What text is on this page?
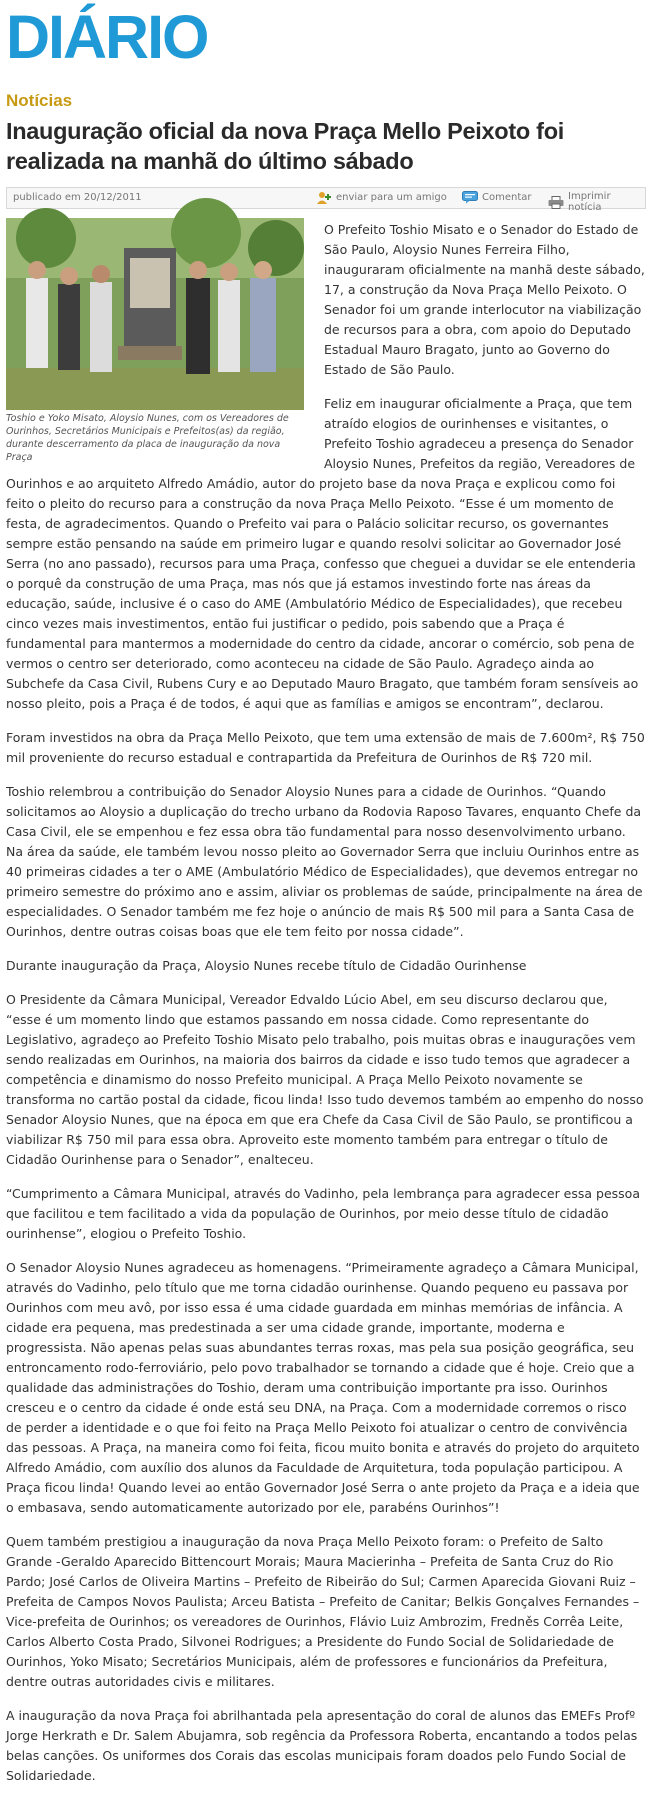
DIÁRIO
Notícias
Inauguração oficial da nova Praça Mello Peixoto foi realizada na manhã do último sábado
publicado em 20/12/2011	enviar para um amigo	Comentar	Imprimir notícia

O Prefeito Toshio Misato e o Senador do Estado de São Paulo, Aloysio Nunes Ferreira Filho, inauguraram oficialmente na manhã deste sábado, 17, a construção da Nova Praça Mello Peixoto. O Senador foi um grande interlocutor na viabilização de recursos para a obra, com apoio do Deputado Estadual Mauro Bragato, junto ao Governo do Estado de São Paulo.

Feliz em inaugurar oficialmente a Praça, que tem atraído elogios de ourinhenses e visitantes, o Prefeito Toshio agradeceu a presença do Senador Aloysio Nunes, Prefeitos da região, Vereadores de Ourinhos e ao arquiteto Alfredo Amádio, autor do projeto base da nova Praça e explicou como foi feito o pleito do recurso para a construção da nova Praça Mello Peixoto. “Esse é um momento de festa, de agradecimentos. Quando o Prefeito vai para o Palácio solicitar recurso, os governantes sempre estão pensando na saúde em primeiro lugar e quando resolvi solicitar ao Governador José Serra (no ano passado), recursos para uma Praça, confesso que cheguei a duvidar se ele entenderia o porquê da construção de uma Praça, mas nós que já estamos investindo forte nas áreas da educação, saúde, inclusive é o caso do AME (Ambulatório Médico de Especialidades), que recebeu cinco vezes mais investimentos, então fui justificar o pedido, pois sabendo que a Praça é fundamental para mantermos a modernidade do centro da cidade, ancorar o comércio, sob pena de vermos o centro ser deteriorado, como aconteceu na cidade de São Paulo. Agradeço ainda ao Subchefe da Casa Civil, Rubens Cury e ao Deputado Mauro Bragato, que também foram sensíveis ao nosso pleito, pois a Praça é de todos, é aqui que as famílias e amigos se encontram”, declarou.

Foram investidos na obra da Praça Mello Peixoto, que tem uma extensão de mais de 7.600m², R$ 750 mil proveniente do recurso estadual e contrapartida da Prefeitura de Ourinhos de R$ 720 mil.

Toshio relembrou a contribuição do Senador Aloysio Nunes para a cidade de Ourinhos. “Quando solicitamos ao Aloysio a duplicação do trecho urbano da Rodovia Raposo Tavares, enquanto Chefe da Casa Civil, ele se empenhou e fez essa obra tão fundamental para nosso desenvolvimento urbano. Na área da saúde, ele também levou nosso pleito ao Governador Serra que incluiu Ourinhos entre as 40 primeiras cidades a ter o AME (Ambulatório Médico de Especialidades), que devemos entregar no primeiro semestre do próximo ano e assim, aliviar os problemas de saúde, principalmente na área de especialidades. O Senador também me fez hoje o anúncio de mais R$ 500 mil para a Santa Casa de Ourinhos, dentre outras coisas boas que ele tem feito por nossa cidade”.

Durante inauguração da Praça, Aloysio Nunes recebe título de Cidadão Ourinhense

O Presidente da Câmara Municipal, Vereador Edvaldo Lúcio Abel, em seu discurso declarou que, “esse é um momento lindo que estamos passando em nossa cidade. Como representante do Legislativo, agradeço ao Prefeito Toshio Misato pelo trabalho, pois muitas obras e inaugurações vem sendo realizadas em Ourinhos, na maioria dos bairros da cidade e isso tudo temos que agradecer a competência e dinamismo do nosso Prefeito municipal. A Praça Mello Peixoto novamente se transforma no cartão postal da cidade, ficou linda! Isso tudo devemos também ao empenho do nosso Senador Aloysio Nunes, que na época em que era Chefe da Casa Civil de São Paulo, se prontificou a viabilizar R$ 750 mil para essa obra. Aproveito este momento também para entregar o título de Cidadão Ourinhense para o Senador”, enalteceu.

“Cumprimento a Câmara Municipal, através do Vadinho, pela lembrança para agradecer essa pessoa que facilitou e tem facilitado a vida da população de Ourinhos, por meio desse título de cidadão ourinhense”, elogiou o Prefeito Toshio.

O Senador Aloysio Nunes agradeceu as homenagens. “Primeiramente agradeço a Câmara Municipal, através do Vadinho, pelo título que me torna cidadão ourinhense. Quando pequeno eu passava por Ourinhos com meu avô, por isso essa é uma cidade guardada em minhas memórias de infância. A cidade era pequena, mas predestinada a ser uma cidade grande, importante, moderna e progressista. Não apenas pelas suas abundantes terras roxas, mas pela sua posição geográfica, seu entroncamento rodo-ferroviário, pelo povo trabalhador se tornando a cidade que é hoje. Creio que a qualidade das administrações do Toshio, deram uma contribuição importante pra isso. Ourinhos cresceu e o centro da cidade é onde está seu DNA, na Praça. Com a modernidade corremos o risco de perder a identidade e o que foi feito na Praça Mello Peixoto foi atualizar o centro de convivência das pessoas. A Praça, na maneira como foi feita, ficou muito bonita e através do projeto do arquiteto Alfredo Amádio, com auxílio dos alunos da Faculdade de Arquitetura, toda população participou. A Praça ficou linda! Quando levei ao então Governador José Serra o ante projeto da Praça e a ideia que o embasava, sendo automaticamente autorizado por ele, parabéns Ourinhos”!

Quem também prestigiou a inauguração da nova Praça Mello Peixoto foram: o Prefeito de Salto Grande -Geraldo Aparecido Bittencourt Morais; Maura Macierinha – Prefeita de Santa Cruz do Rio Pardo; José Carlos de Oliveira Martins – Prefeito de Ribeirão do Sul; Carmen Aparecida Giovani Ruiz – Prefeita de Campos Novos Paulista; Arceu Batista – Prefeito de Canitar; Belkis Gonçalves Fernandes – Vice-prefeita de Ourinhos; os vereadores de Ourinhos, Flávio Luiz Ambrozim, Fredněs Corrêa Leite, Carlos Alberto Costa Prado, Silvonei Rodrigues; a Presidente do Fundo Social de Solidariedade de Ourinhos, Yoko Misato; Secretários Municipais, além de professores e funcionários da Prefeitura, dentre outras autoridades civis e militares.

A inauguração da nova Praça foi abrilhantada pela apresentação do coral de alunos das EMEFs Profº Jorge Herkrath e Dr. Salem Abujamra, sob regência da Professora Roberta, encantando a todos pelas belas canções. Os uniformes dos Corais das escolas municipais foram doados pelo Fundo Social de Solidariedade.

Toshio e Yoko Misato, Aloysio Nunes, com os Vereadores de Ourinhos, Secretários Municipais e Prefeitos(as) da região, durante descerramento da placa de inauguração da nova Praça
